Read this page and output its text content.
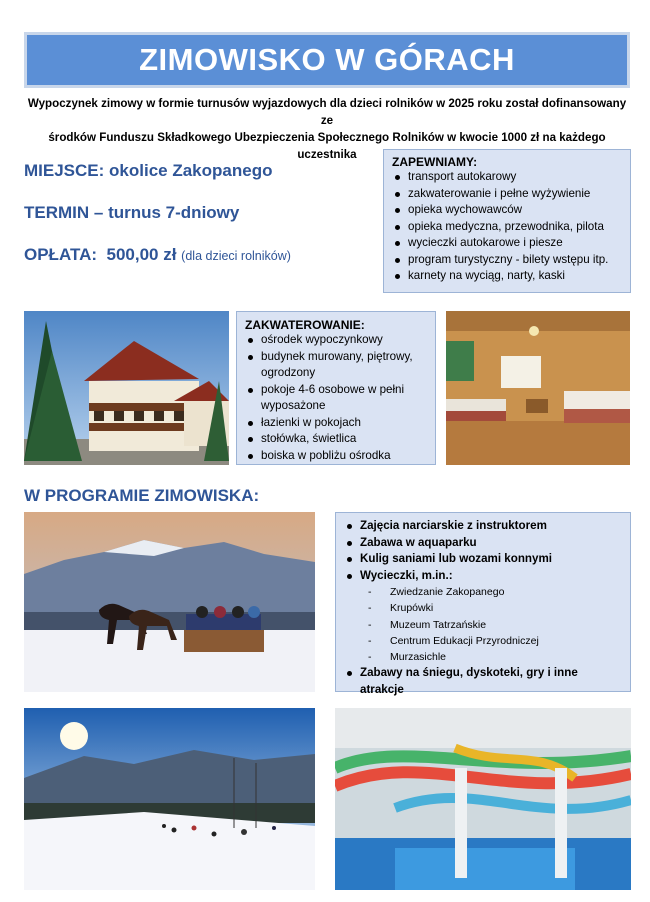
ZIMOWISKO W GÓRACH
Wypoczynek zimowy w formie turnusów wyjazdowych dla dzieci rolników w 2025 roku został dofinansowany ze
środków Funduszu Składkowego Ubezpieczenia Społecznego Rolników w kwocie 1000 zł na każdego uczestnika
MIEJSCE: okolice Zakopanego
TERMIN – turnus 7-dniowy
OPŁATA: 500,00 zł (dla dzieci rolników)
ZAPEWNIAMY:
transport autokarowy
zakwaterowanie i pełne wyżywienie
opieka wychowawców
opieka medyczna, przewodnika, pilota
wycieczki autokarowe i piesze
program turystyczny - bilety wstępu itp.
karnety na wyciąg, narty, kaski
ZAKWATEROWANIE:
ośrodek wypoczynkowy
budynek murowany, piętrowy, ogrodzony
pokoje 4-6 osobowe w pełni wyposażone
łazienki w pokojach
stołówka, świetlica
boiska w pobliżu ośrodka
W PROGRAMIE ZIMOWISKA:
Zajęcia narciarskie z instruktorem
Zabawa w aquaparku
Kulig saniami lub wozami konnymi
Wycieczki, m.in.:
- Zwiedzanie Zakopanego
- Krupówki
- Muzeum Tatrzańskie
- Centrum Edukacji Przyrodniczej
- Murzasichle
Zabawy na śniegu, dyskoteki, gry i inne atrakcje
